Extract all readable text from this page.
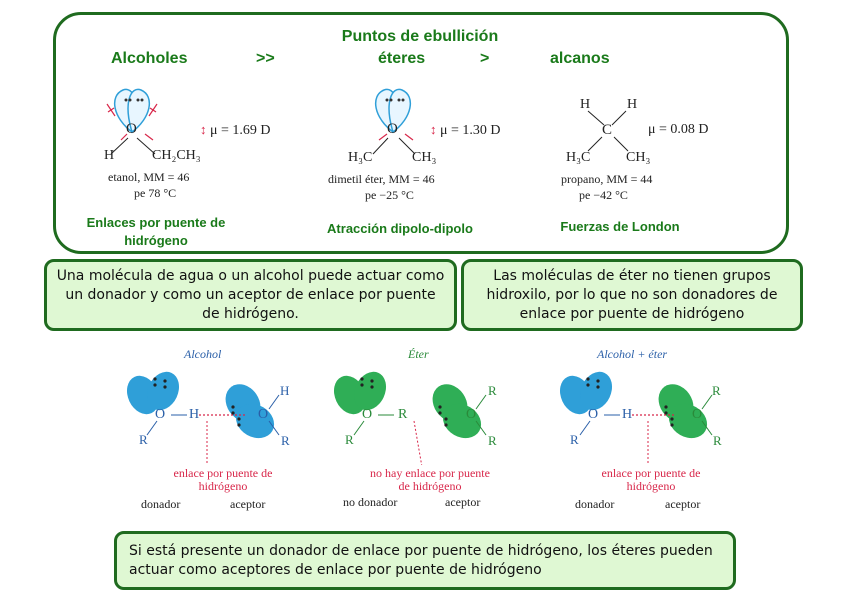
Puntos de ebullición
Alcoholes	>>	éteres	>	alcanos
O
H	CH₂CH₃
↕ μ = 1.69 D
etanol, MM = 46
pe 78 °C
Enlaces por puente de hidrógeno
O
H₃C	CH₃
↕ μ = 1.30 D
dimetil éter, MM = 46
pe −25 °C
Atracción dipolo-dipolo
H	H
C
H₃C	CH₃
μ = 0.08 D
propano, MM = 44
pe −42 °C
Fuerzas de London
Una molécula de agua o un alcohol puede actuar como un donador y como un aceptor de enlace por puente de hidrógeno.
Las moléculas de éter no tienen grupos hidroxilo, por lo que no son donadores de enlace por puente de hidrógeno
Alcohol
O H	O
R
H
R
enlace por puente de hidrógeno
donador	aceptor
Éter
O R	O
R
R
R
no hay enlace por puente de hidrógeno
no donador	aceptor
Alcohol + éter
O H	O
R
R
R
enlace por puente de hidrógeno
donador	aceptor
Si está presente un donador de enlace por puente de hidrógeno, los éteres pueden actuar como aceptores de enlace por puente de hidrógeno
